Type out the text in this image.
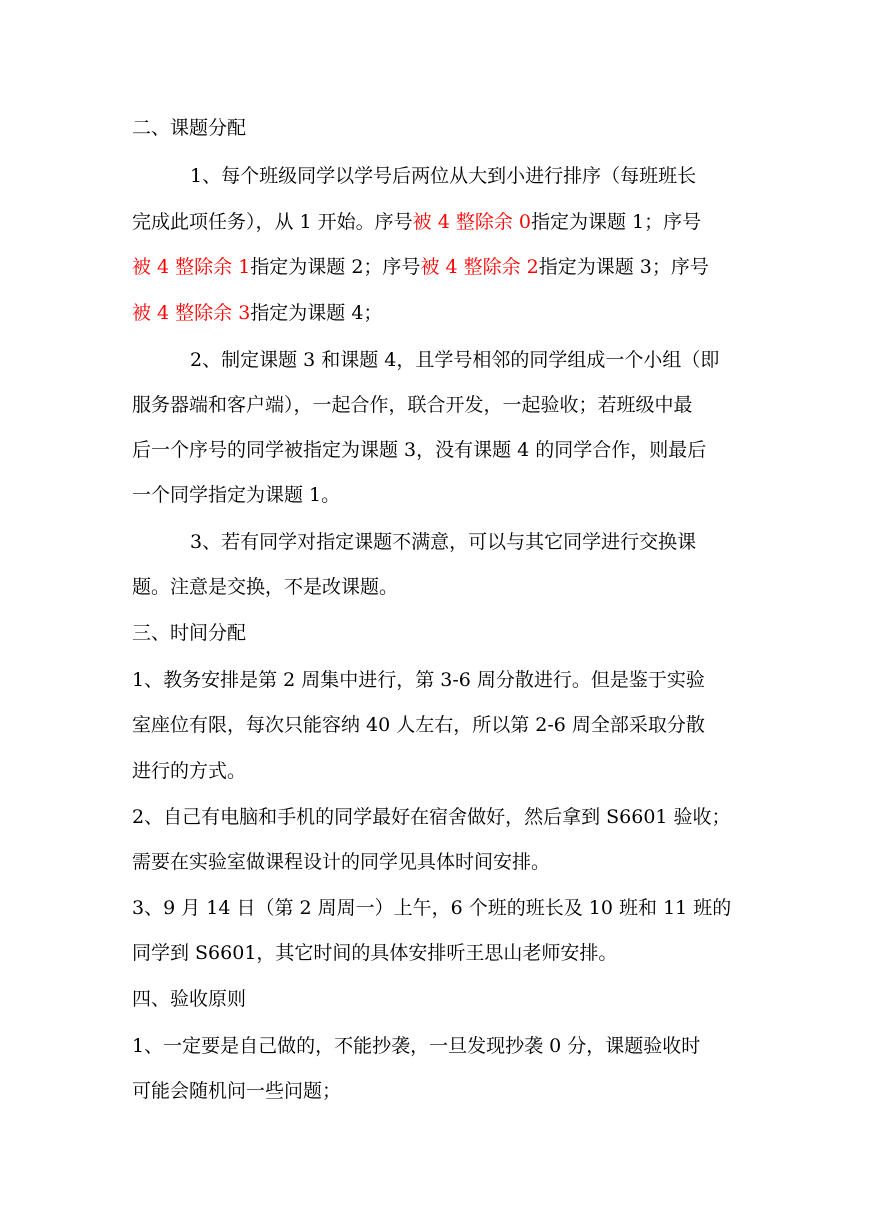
二、课题分配
1、每个班级同学以学号后两位从大到小进行排序（每班班长
完成此项任务），从 1 开始。序号被 4 整除余 0指定为课题 1；序号
被 4 整除余 1指定为课题 2；序号被 4 整除余 2指定为课题 3；序号
被 4 整除余 3指定为课题 4；
2、制定课题 3 和课题 4，且学号相邻的同学组成一个小组（即
服务器端和客户端），一起合作，联合开发，一起验收；若班级中最
后一个序号的同学被指定为课题 3，没有课题 4 的同学合作，则最后
一个同学指定为课题 1。
3、若有同学对指定课题不满意，可以与其它同学进行交换课
题。注意是交换，不是改课题。
三、时间分配
1、教务安排是第 2 周集中进行，第 3-6 周分散进行。但是鉴于实验
室座位有限，每次只能容纳 40 人左右，所以第 2-6 周全部采取分散
进行的方式。
2、自己有电脑和手机的同学最好在宿舍做好，然后拿到 S6601 验收；
需要在实验室做课程设计的同学见具体时间安排。
3、9 月 14 日（第 2 周周一）上午，6 个班的班长及 10 班和 11 班的
同学到 S6601，其它时间的具体安排听王思山老师安排。
四、验收原则
1、一定要是自己做的，不能抄袭，一旦发现抄袭 0 分，课题验收时
可能会随机问一些问题；
